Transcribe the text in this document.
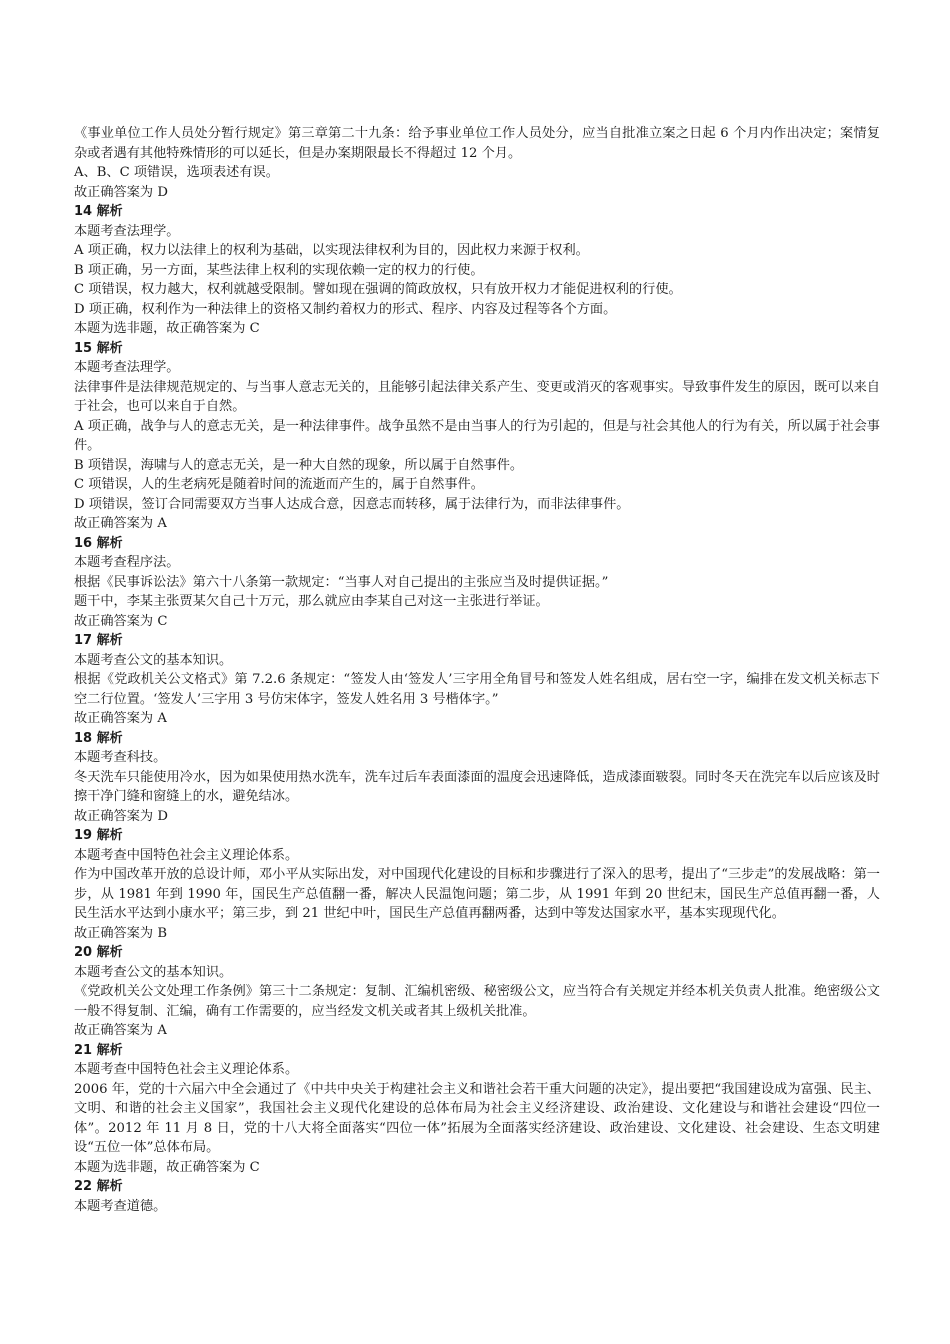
《事业单位工作人员处分暂行规定》第三章第二十九条：给予事业单位工作人员处分，应当自批准立案之日起 6 个月内作出决定；案情复杂或者遇有其他特殊情形的可以延长，但是办案期限最长不得超过 12 个月。

A、B、C 项错误，选项表述有误。

故正确答案为 D

14 解析

本题考查法理学。

A 项正确，权力以法律上的权利为基础，以实现法律权利为目的，因此权力来源于权利。

B 项正确，另一方面，某些法律上权利的实现依赖一定的权力的行使。

C 项错误，权力越大，权利就越受限制。譬如现在强调的简政放权，只有放开权力才能促进权利的行使。

D 项正确，权利作为一种法律上的资格又制约着权力的形式、程序、内容及过程等各个方面。

本题为选非题，故正确答案为 C

15 解析

本题考查法理学。

法律事件是法律规范规定的、与当事人意志无关的，且能够引起法律关系产生、变更或消灭的客观事实。导致事件发生的原因，既可以来自于社会，也可以来自于自然。

A 项正确，战争与人的意志无关，是一种法律事件。战争虽然不是由当事人的行为引起的，但是与社会其他人的行为有关，所以属于社会事件。

B 项错误，海啸与人的意志无关，是一种大自然的现象，所以属于自然事件。

C 项错误，人的生老病死是随着时间的流逝而产生的，属于自然事件。

D 项错误，签订合同需要双方当事人达成合意，因意志而转移，属于法律行为，而非法律事件。

故正确答案为 A

16 解析

本题考查程序法。

根据《民事诉讼法》第六十八条第一款规定：“当事人对自己提出的主张应当及时提供证据。”

题干中，李某主张贾某欠自己十万元，那么就应由李某自己对这一主张进行举证。

故正确答案为 C

17 解析

本题考查公文的基本知识。

根据《党政机关公文格式》第 7.2.6 条规定：“签发人由‘签发人’三字用全角冒号和签发人姓名组成，居右空一字，编排在发文机关标志下空二行位置。‘签发人’三字用 3 号仿宋体字，签发人姓名用 3 号楷体字。”

故正确答案为 A

18 解析

本题考查科技。

冬天洗车只能使用冷水，因为如果使用热水洗车，洗车过后车表面漆面的温度会迅速降低，造成漆面皲裂。同时冬天在洗完车以后应该及时擦干净门缝和窗缝上的水，避免结冰。

故正确答案为 D

19 解析

本题考查中国特色社会主义理论体系。

作为中国改革开放的总设计师，邓小平从实际出发，对中国现代化建设的目标和步骤进行了深入的思考，提出了“三步走”的发展战略：第一步，从 1981 年到 1990 年，国民生产总值翻一番，解决人民温饱问题；第二步，从 1991 年到 20 世纪末，国民生产总值再翻一番，人民生活水平达到小康水平；第三步，到 21 世纪中叶，国民生产总值再翻两番，达到中等发达国家水平，基本实现现代化。

故正确答案为 B

20 解析

本题考查公文的基本知识。

《党政机关公文处理工作条例》第三十二条规定：复制、汇编机密级、秘密级公文，应当符合有关规定并经本机关负责人批准。绝密级公文一般不得复制、汇编，确有工作需要的，应当经发文机关或者其上级机关批准。

故正确答案为 A

21 解析

本题考查中国特色社会主义理论体系。

2006 年，党的十六届六中全会通过了《中共中央关于构建社会主义和谐社会若干重大问题的决定》，提出要把“我国建设成为富强、民主、文明、和谐的社会主义国家”，我国社会主义现代化建设的总体布局为社会主义经济建设、政治建设、文化建设与和谐社会建设“四位一体”。2012 年 11 月 8 日，党的十八大将全面落实“四位一体”拓展为全面落实经济建设、政治建设、文化建设、社会建设、生态文明建设“五位一体”总体布局。

本题为选非题，故正确答案为 C

22 解析

本题考查道德。
